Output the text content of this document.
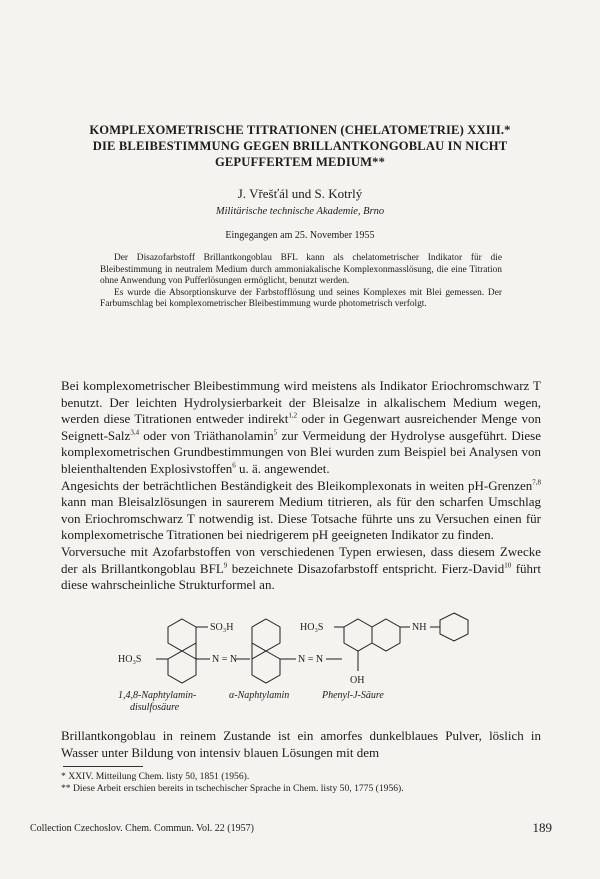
KOMPLEXOMETRISCHE TITRATIONEN (CHELATOMETRIE) XXIII.*
DIE BLEIBESTIMMUNG GEGEN BRILLANTKONGOBLAU IN NICHT
GEPUFFERTEM MEDIUM**
J. Vřešťál und S. Kotrlý
Militärische technische Akademie, Brno
Eingegangen am 25. November 1955

Der Disazofarbstoff Brillantkongoblau BFL kann als chelatometrischer Indikator für die Bleibestimmung in neutralem Medium durch ammoniakalische Komplexonmasslösung, die eine Titration ohne Anwendung von Pufferlösungen ermöglicht, benutzt werden.

Es wurde die Absorptionskurve der Farbstofflösung und seines Komplexes mit Blei gemessen. Der Farbumschlag bei komplexometrischer Bleibestimmung wurde photometrisch verfolgt.

Bei komplexometrischer Bleibestimmung wird meistens als Indikator Eriochromschwarz T benutzt. Der leichten Hydrolysierbarkeit der Bleisalze in alkalischem Medium wegen, werden diese Titrationen entweder indirekt$^{1,2}$ oder in Gegenwart ausreichender Menge von Seignett-Salz$^{3,4}$ oder von Triäthanolamin$^5$ zur Vermeidung der Hydrolyse ausgeführt. Diese komplexometrischen Grundbestimmungen von Blei wurden zum Beispiel bei Analysen von bleienthaltenden Explosivstoffen$^6$ u. ä. angewendet.

Angesichts der beträchtlichen Beständigkeit des Bleikomplexonats in weiten pH-Grenzen$^{7,8}$ kann man Bleisalzlösungen in saurerem Medium titrieren, als für den scharfen Umschlag von Eriochromschwarz T notwendig ist. Diese Totsache führte uns zu Versuchen einen für komplexometrische Titrationen bei niedrigerem pH geeigneten Indikator zu finden.

Vorversuche mit Azofarbstoffen von verschiedenen Typen erwiesen, dass diesem Zwecke der als Brillantkongoblau BFL$^9$ bezeichnete Disazofarbstoff entspricht. Fierz-David$^{10}$ führt diese wahrscheinliche Strukturformel an.

SO₃H
HO₃S	N = N	N = N
HO₃S	NH
OH
1,4,8-Naphtylamin-
disulfosäure
α-Naphtylamin	Phenyl-J-Säure
Brillantkongoblau in reinem Zustande ist ein amorfes dunkelblaues Pulver, löslich in Wasser unter Bildung von intensiv blauen Lösungen mit dem
* XXIV. Mitteilung Chem. listy 50, 1851 (1956).
** Diese Arbeit erschien bereits in tschechischer Sprache in Chem. listy 50, 1775 (1956).
Collection Czechoslov. Chem. Commun. Vol. 22 (1957)	189
